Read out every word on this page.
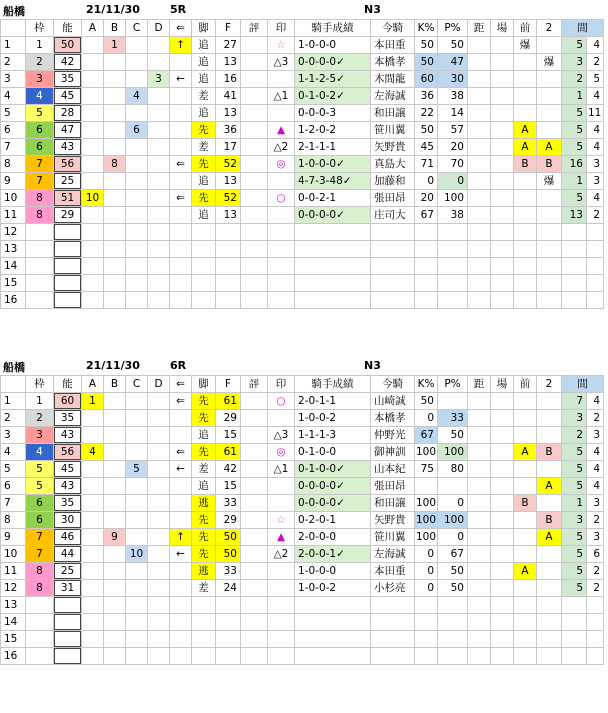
船橋	21/11/30	5R	N3
	枠	能	A	B	C	D	⇐	脚	F	評	印	騎手成績	今騎	K%	P%	距	場	前	2	間	
1	1	50		1			↑	追	27		☆	1-0-0-0	本田重	50	50			爆		5	4
2	2	42						追	13		△3	0-0-0-0✓	本橋孝	50	47				爆	3	2
3	3	35				3	←	追	16			1-1-2-5✓	木間龍	60	30					2	5
4	4	45			4			差	41		△1	0-1-0-2✓	左海誠	36	38					1	4
5	5	28						追	13			0-0-0-3	和田譲	22	14					5	11
6	6	47			6			先	36		▲	1-2-0-2	笹川翼	50	57			A		5	4
7	6	43						差	17		△2	2-1-1-1	矢野貴	45	20			A	A	5	4
8	7	56		8			⇐	先	52		◎	1-0-0-0✓	真島大	71	70			B	B	16	3
9	7	25						追	13			4-7-3-48✓	加藤和	0	0				爆	1	3
10	8	51	10				⇐	先	52		○	0-0-2-1	張田昂	20	100					5	4
11	8	29						追	13			0-0-0-0✓	庄司大	67	38					13	2
12																					
13																					
14																					
15																					
16																					
船橋	21/11/30	6R	N3
	枠	能	A	B	C	D	⇐	脚	F	評	印	騎手成績	今騎	K%	P%	距	場	前	2	間	
1	1	60	1				⇐	先	61		○	2-0-1-1	山崎誠	50						7	4
2	2	35						先	29			1-0-0-2	本橋孝	0	33					3	2
3	3	43						追	15		△3	1-1-1-3	仲野光	67	50					2	3
4	4	56	4				⇐	先	61		◎	0-1-0-0	御神訓	100	100			A	B	5	4
5	5	45			5		←	差	42		△1	0-1-0-0✓	山本紀	75	80					5	4
6	5	43						追	15			0-0-0-0✓	張田昂						A	5	4
7	6	35						逃	33			0-0-0-0✓	和田譲	100	0			B		1	3
8	6	30						先	29		☆	0-2-0-1	矢野貴	100	100				B	3	2
9	7	46		9			↑	先	50		▲	2-0-0-0	笹川翼	100	0				A	5	3
10	7	44			10		←	先	50		△2	2-0-0-1✓	左海誠	0	67					5	6
11	8	25						逃	33			1-0-0-0	本田重	0	50			A		5	2
12	8	31						差	24			1-0-0-2	小杉亮	0	50					5	2
13																					
14																					
15																					
16																					
